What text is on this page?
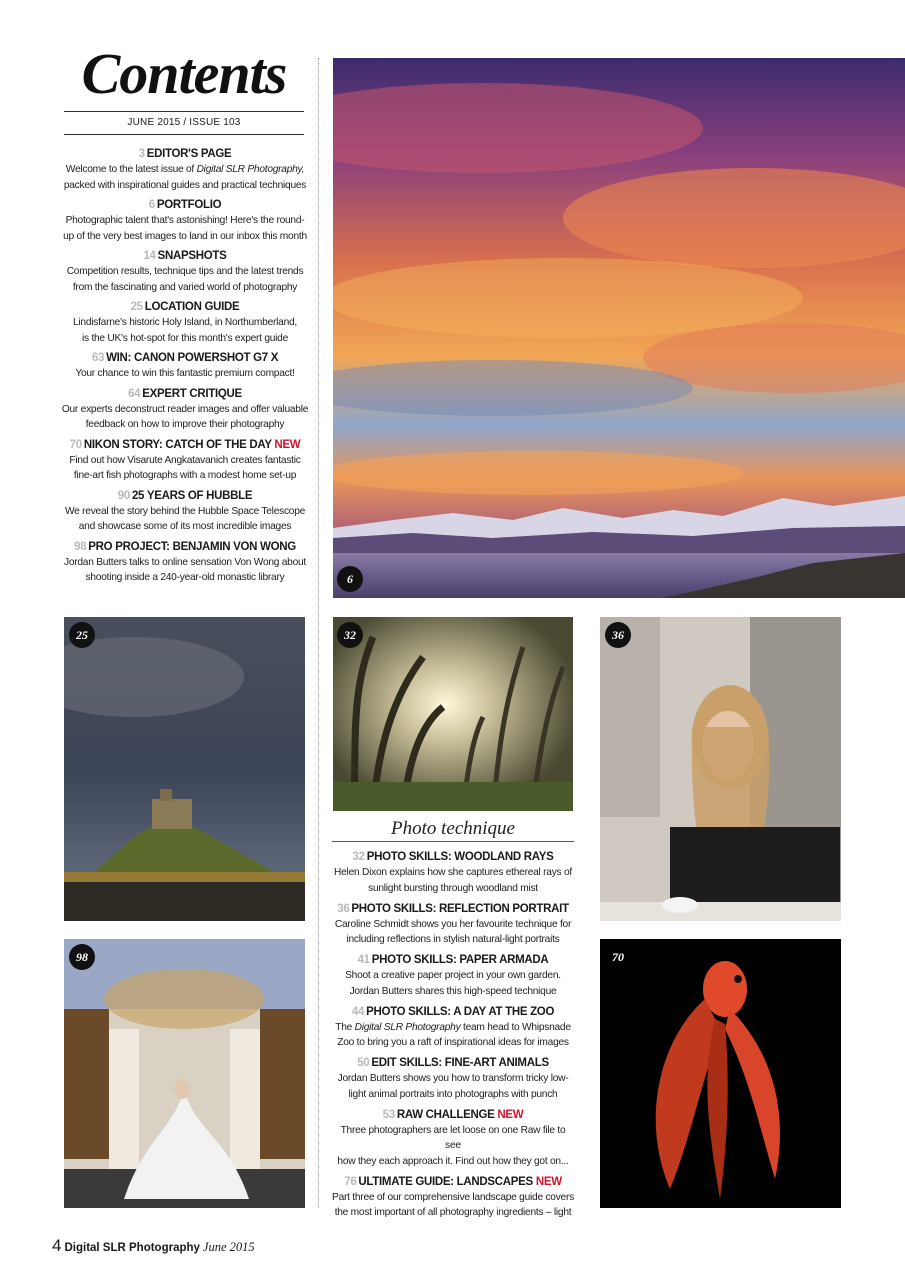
Contents
JUNE 2015 / ISSUE 103
3 EDITOR'S PAGE
Welcome to the latest issue of Digital SLR Photography,
packed with inspirational guides and practical techniques
6 PORTFOLIO
Photographic talent that's astonishing! Here's the round-
up of the very best images to land in our inbox this month
14 SNAPSHOTS
Competition results, technique tips and the latest trends
from the fascinating and varied world of photography
25 LOCATION GUIDE
Lindisfarne's historic Holy Island, in Northumberland,
is the UK's hot-spot for this month's expert guide
63 WIN: CANON POWERSHOT G7 X
Your chance to win this fantastic premium compact!
64 EXPERT CRITIQUE
Our experts deconstruct reader images and offer valuable
feedback on how to improve their photography
70 NIKON STORY: CATCH OF THE DAY NEW
Find out how Visarute Angkatavanich creates fantastic
fine-art fish photographs with a modest home set-up
90 25 YEARS OF HUBBLE
We reveal the story behind the Hubble Space Telescope
and showcase some of its most incredible images
98 PRO PROJECT: BENJAMIN VON WONG
Jordan Butters talks to online sensation Von Wong about
shooting inside a 240-year-old monastic library	6
25	32
Photo technique
32 PHOTO SKILLS: WOODLAND RAYS
Helen Dixon explains how she captures ethereal rays of
sunlight bursting through woodland mist
36 PHOTO SKILLS: REFLECTION PORTRAIT
Caroline Schmidt shows you her favourite technique for
including reflections in stylish natural-light portraits
41 PHOTO SKILLS: PAPER ARMADA
Shoot a creative paper project in your own garden.
Jordan Butters shares this high-speed technique
44 PHOTO SKILLS: A DAY AT THE ZOO
The Digital SLR Photography team head to Whipsnade
Zoo to bring you a raft of inspirational ideas for images
50 EDIT SKILLS: FINE-ART ANIMALS
Jordan Butters shows you how to transform tricky low-
light animal portraits into photographs with punch
53 RAW CHALLENGE NEW
Three photographers are let loose on one Raw file to see
how they each approach it. Find out how they got on...
76 ULTIMATE GUIDE: LANDSCAPES NEW
Part three of our comprehensive landscape guide covers
the most important of all photography ingredients – light
36
98	70
4 Digital SLR Photography June 2015
